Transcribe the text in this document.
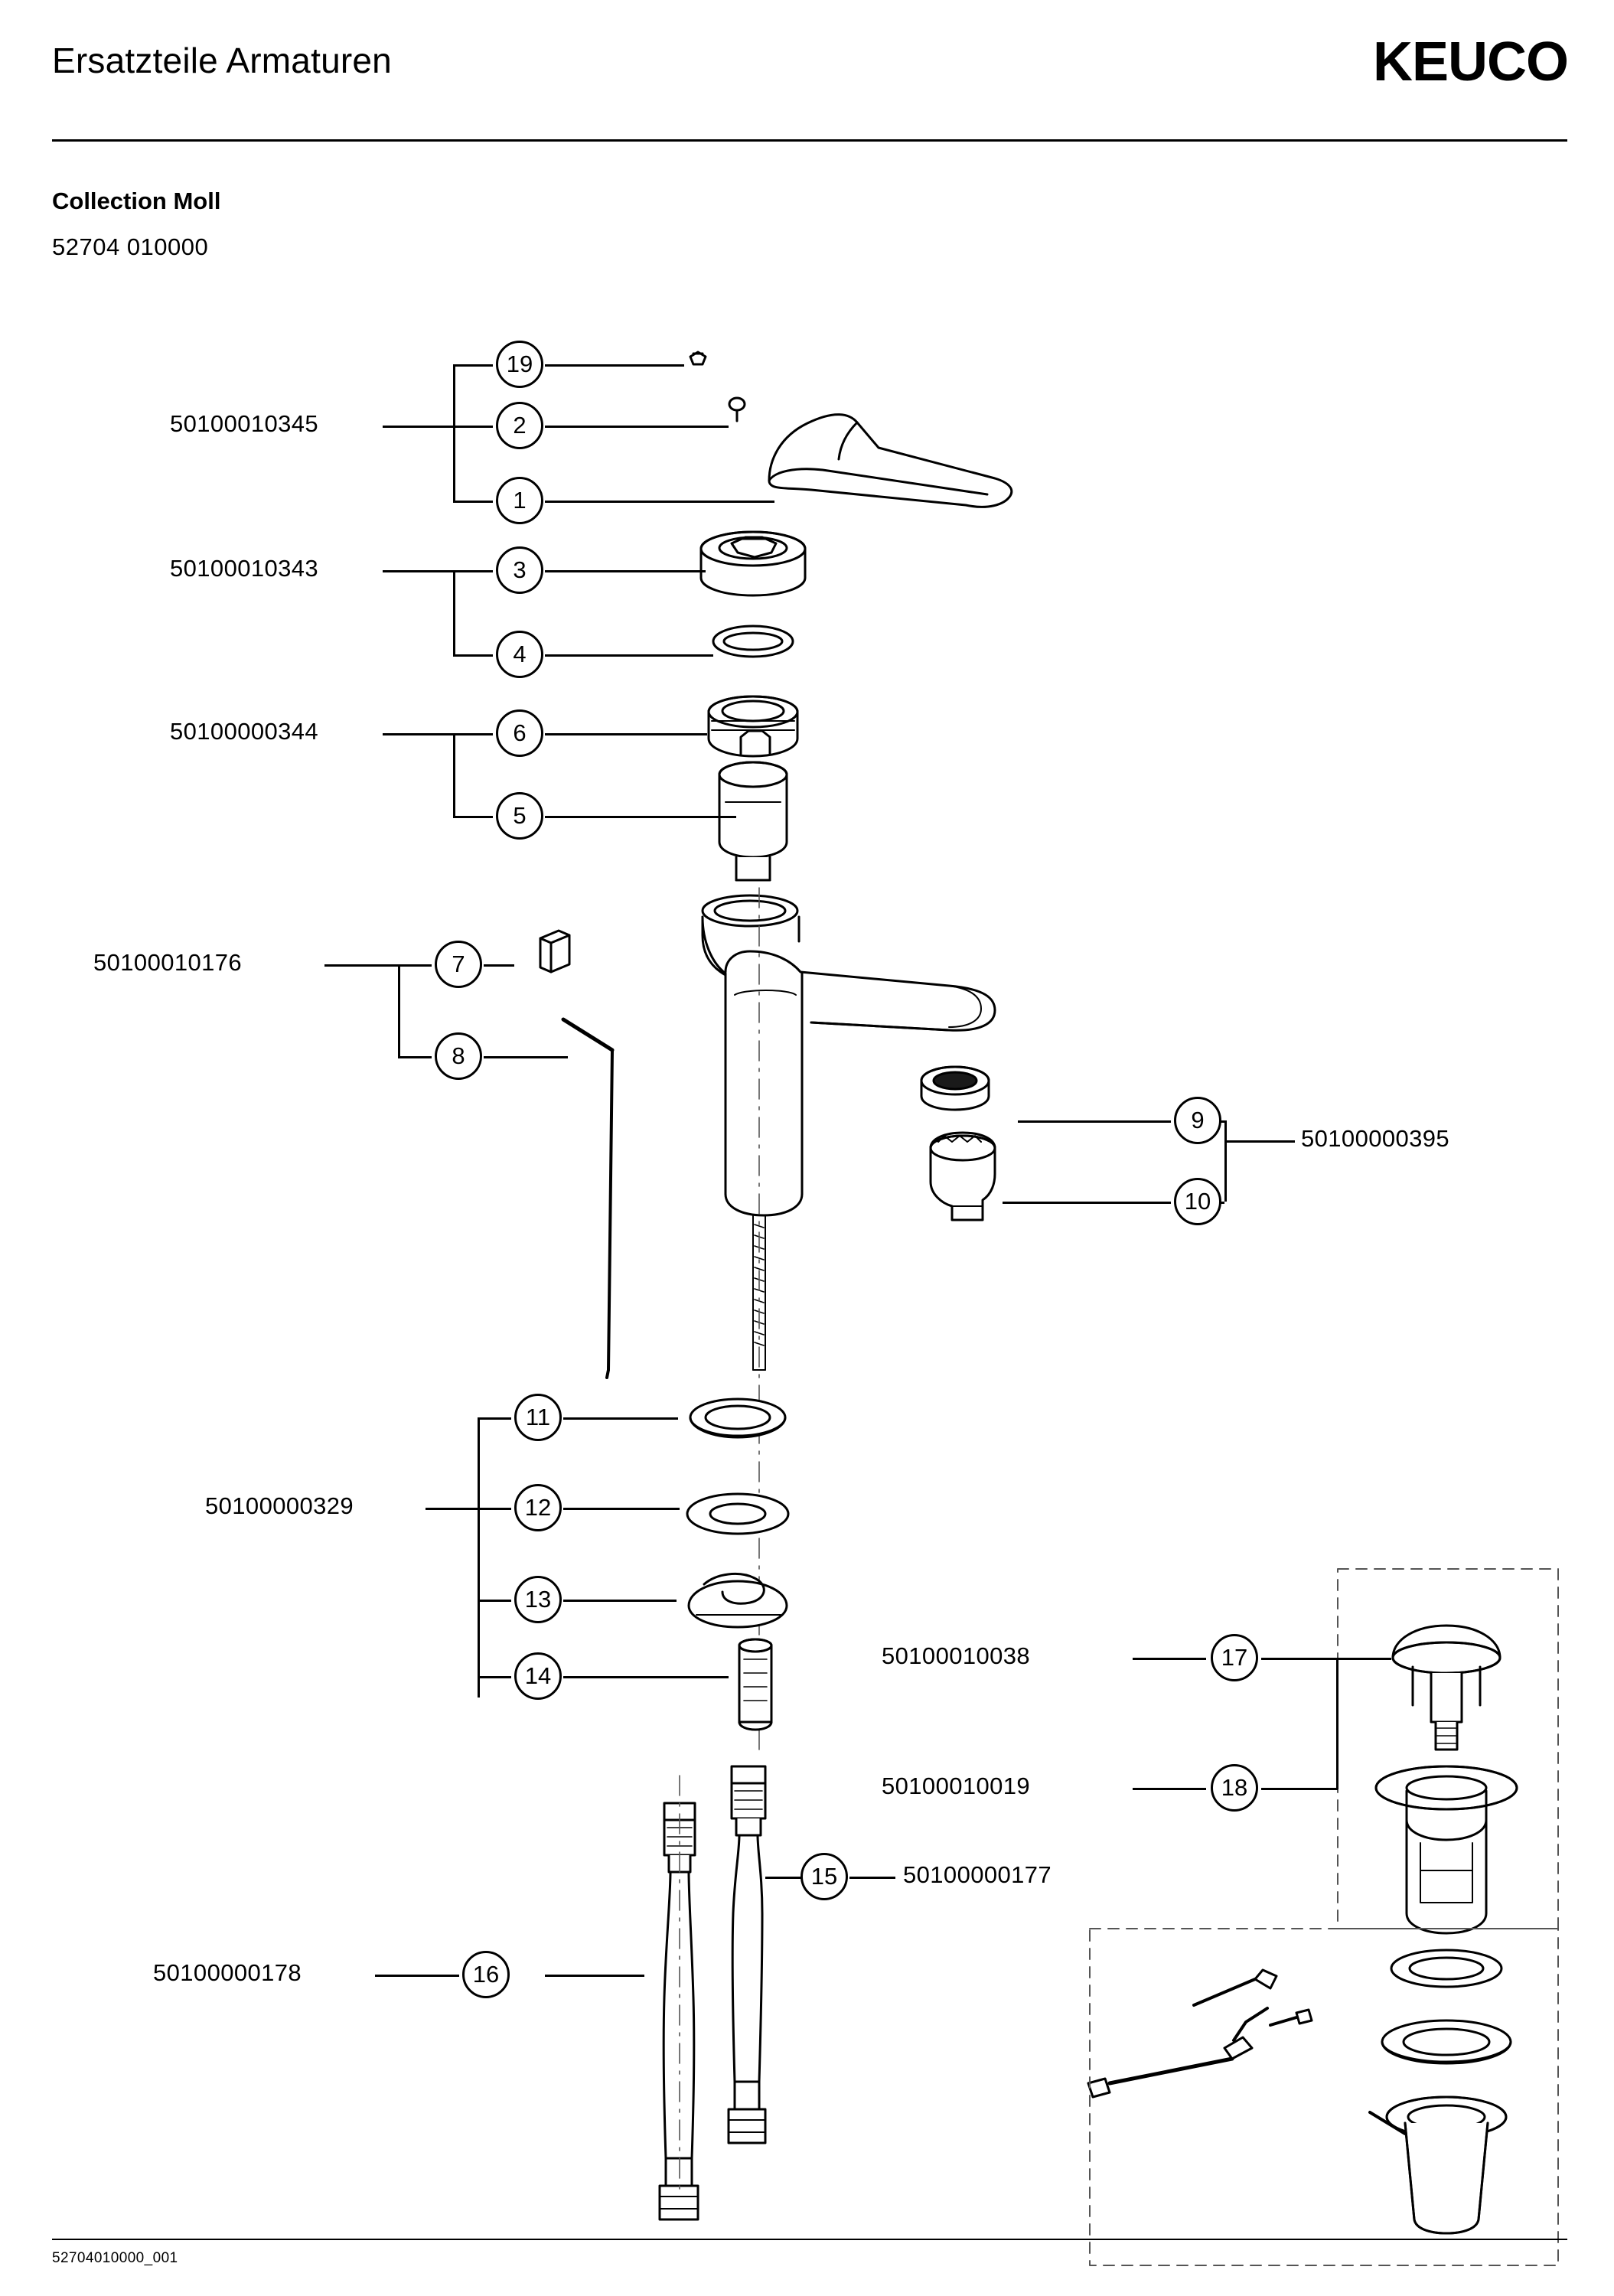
Ersatzteile Armaturen	KEUCO
Collection Moll
52704 010000
50100010345
50100010343
50100000344
50100010176
50100000395
50100000329
50100010038
50100010019
50100000177
50100000178
19
2
1
3
4
6
5
7
8
9
10
11
12
13
14
17
18
15
16
52704010000_001
